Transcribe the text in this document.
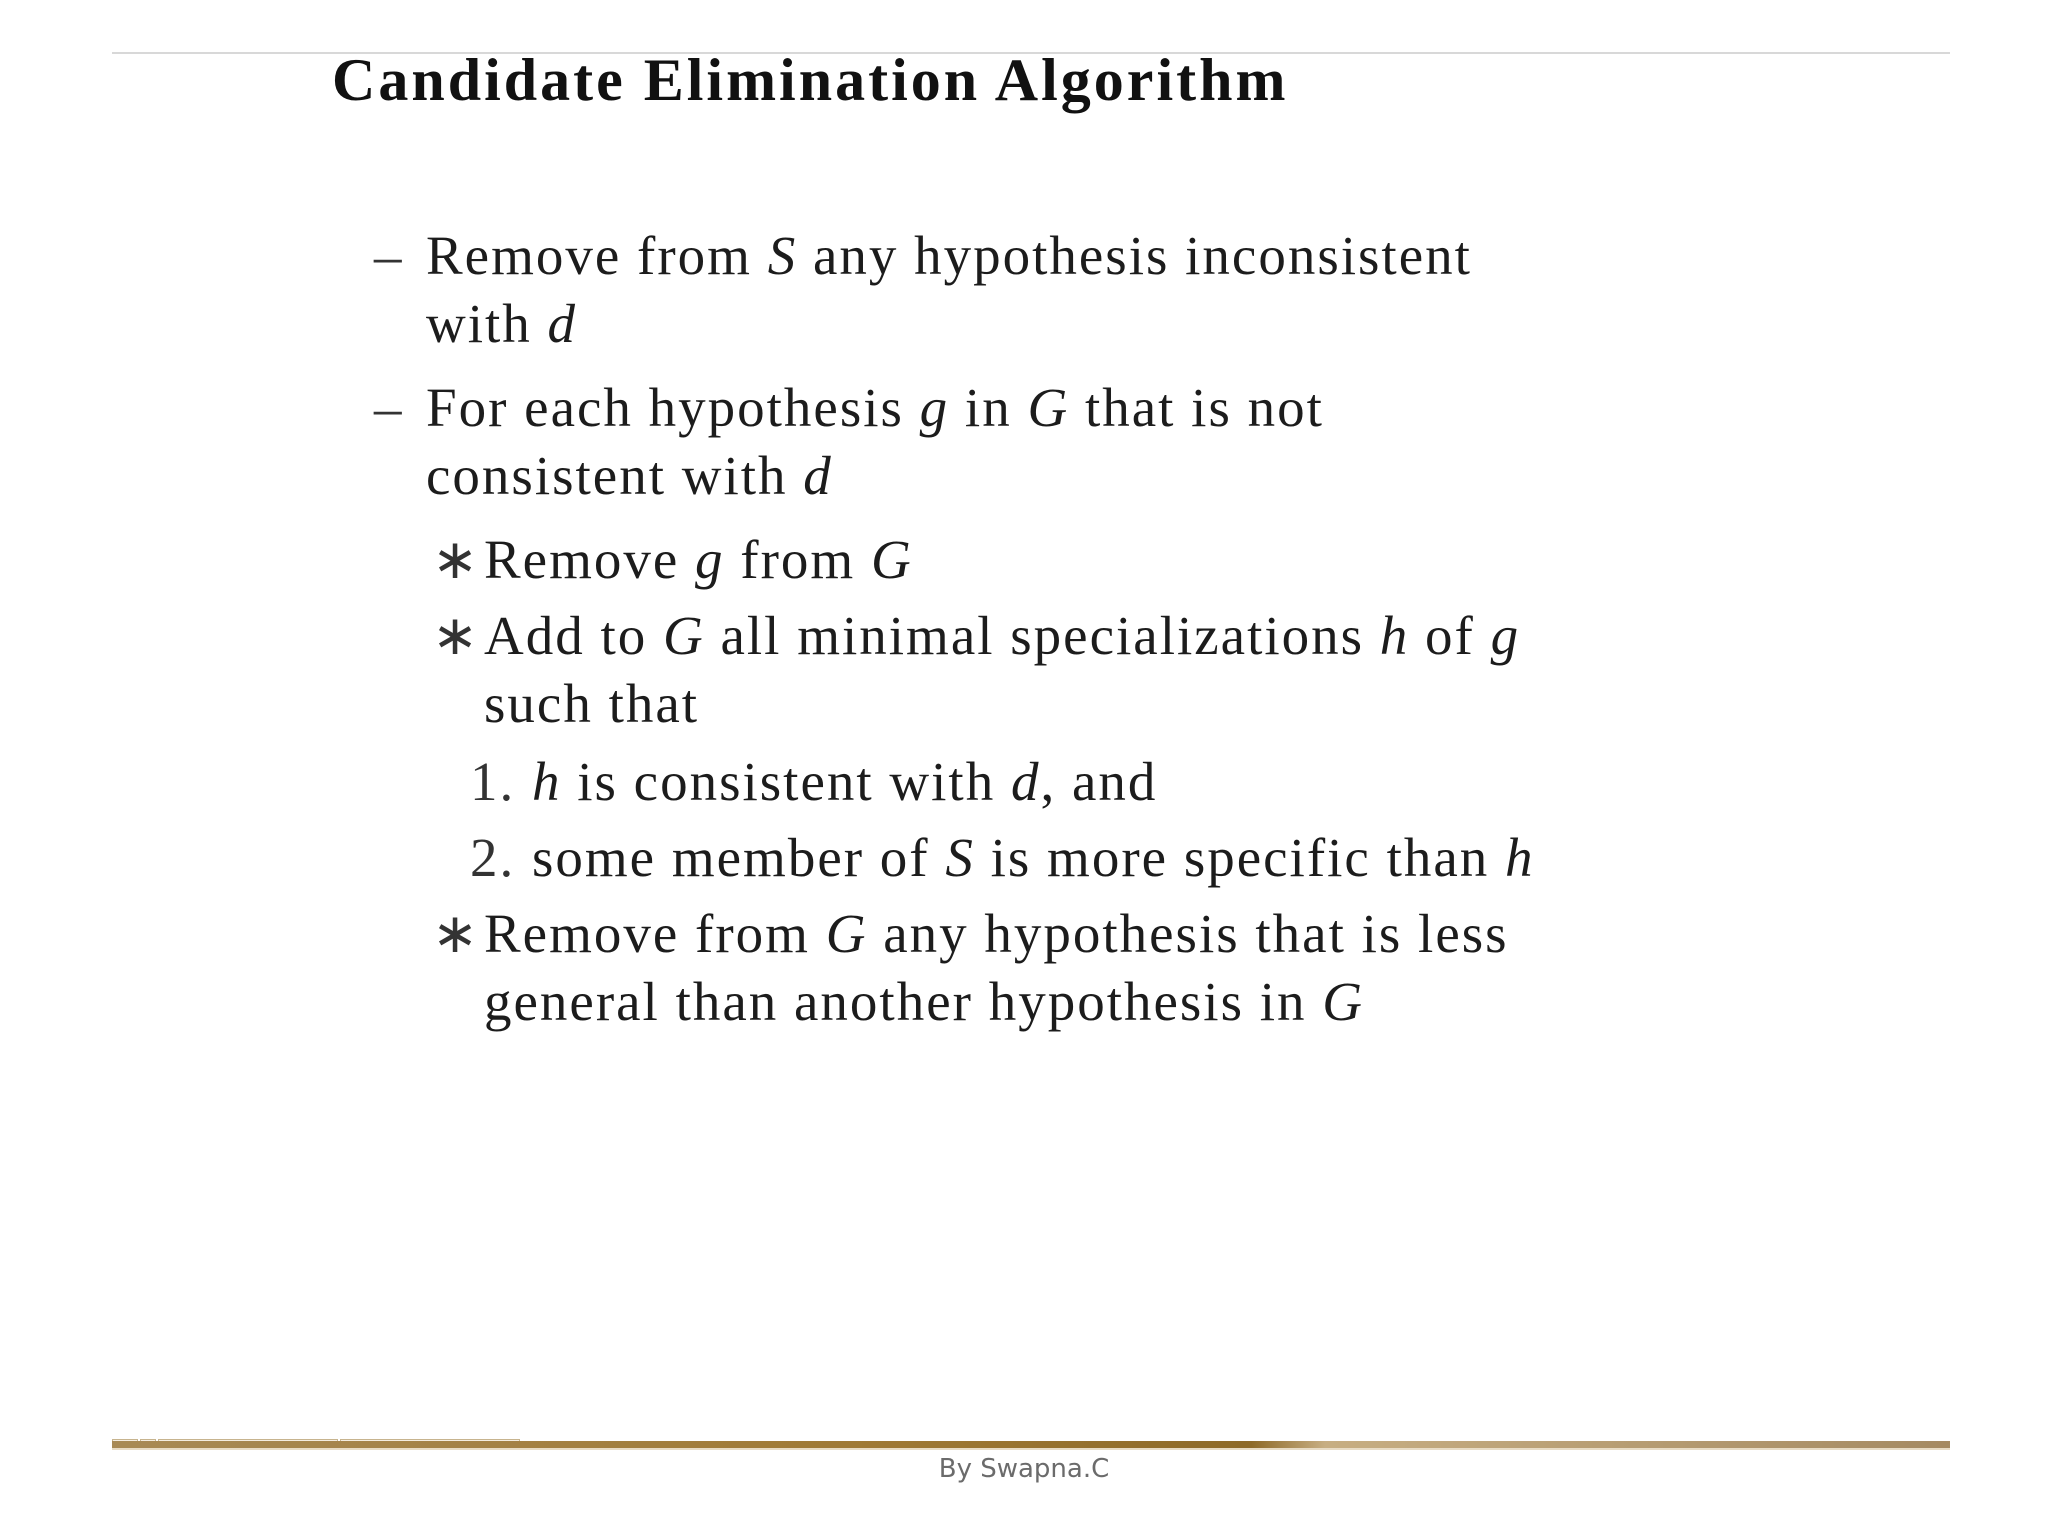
Candidate Elimination Algorithm
– Remove from S any hypothesis inconsistent
with d
– For each hypothesis g in G that is not
consistent with d
∗ Remove g from G
∗ Add to G all minimal specializations h of g
such that
1. h is consistent with d, and
2. some member of S is more specific than h
∗ Remove from G any hypothesis that is less
general than another hypothesis in G
By Swapna.C
